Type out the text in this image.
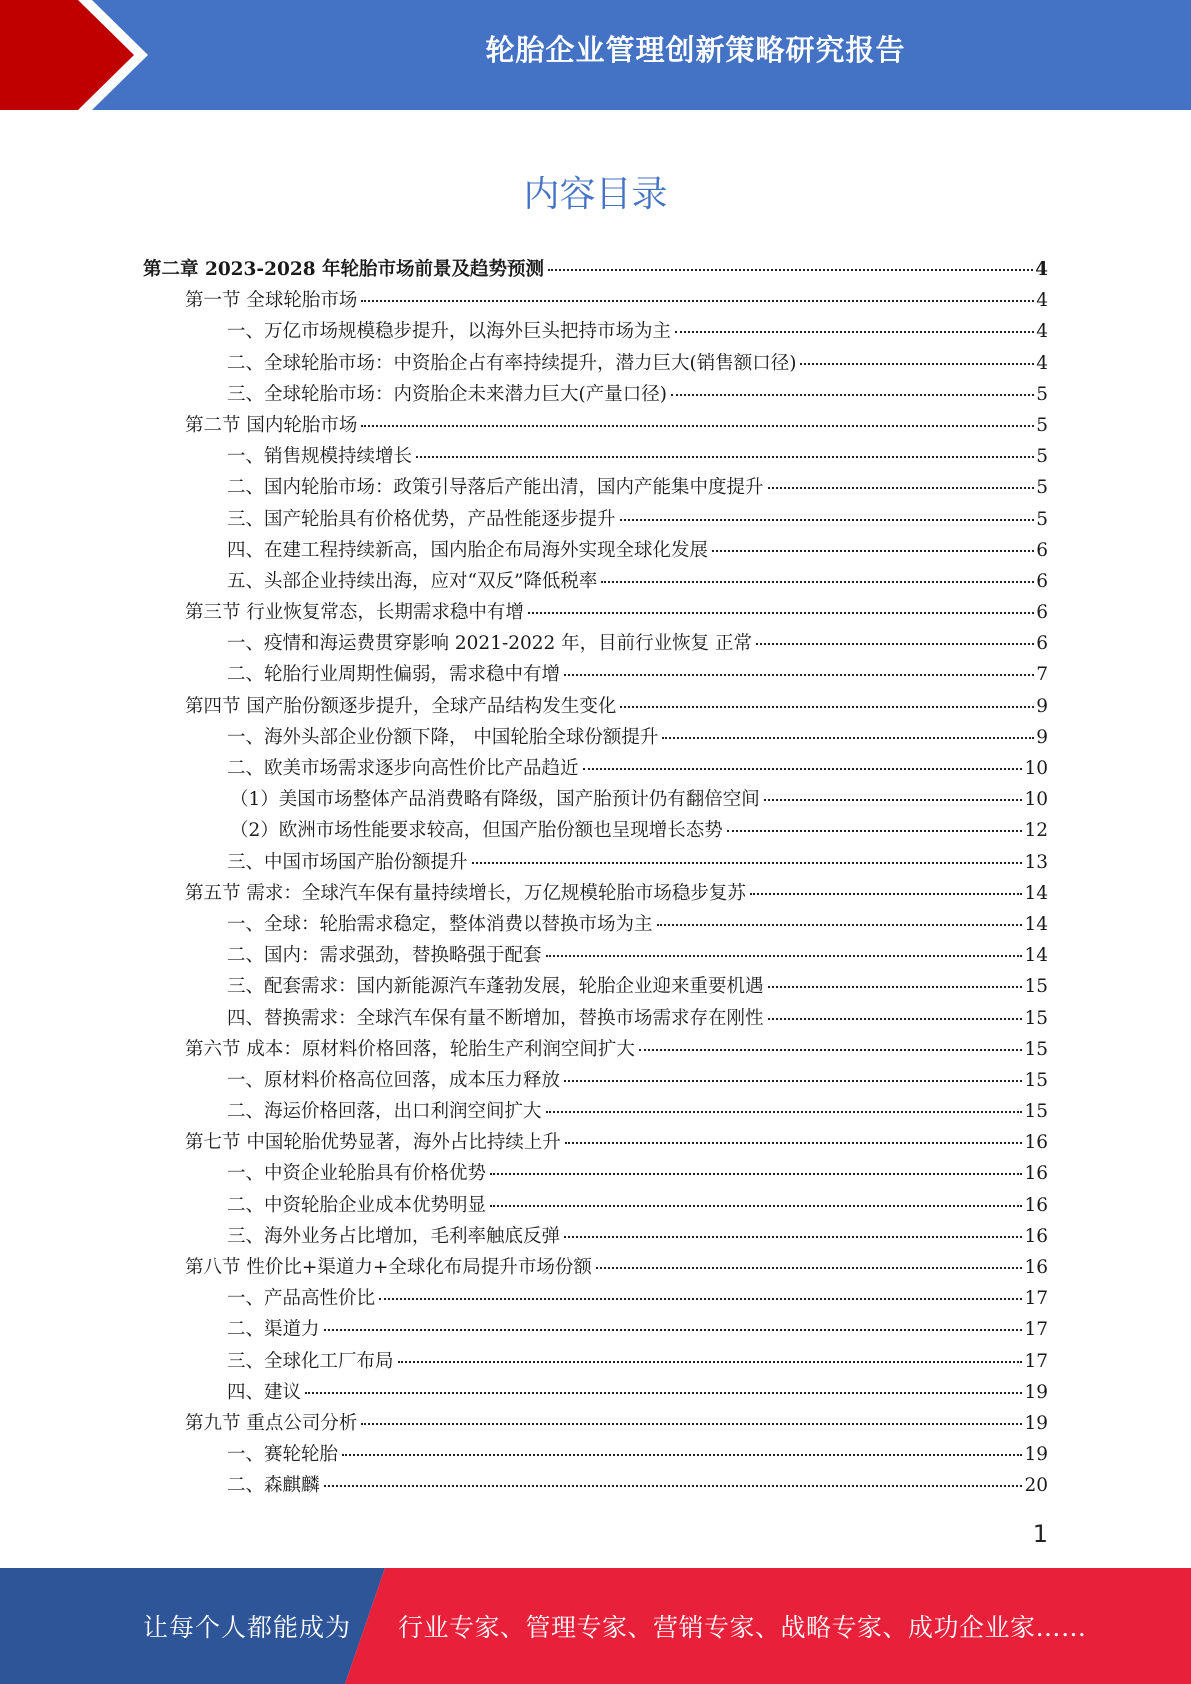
轮胎企业管理创新策略研究报告
内容目录
第二章 2023-2028 年轮胎市场前景及趋势预测	4
第一节 全球轮胎市场	4
一、万亿市场规模稳步提升，以海外巨头把持市场为主	4
二、全球轮胎市场：中资胎企占有率持续提升，潜力巨大(销售额口径)	4
三、全球轮胎市场：内资胎企未来潜力巨大(产量口径)	5
第二节 国内轮胎市场	5
一、销售规模持续增长	5
二、国内轮胎市场：政策引导落后产能出清，国内产能集中度提升	5
三、国产轮胎具有价格优势，产品性能逐步提升	5
四、在建工程持续新高，国内胎企布局海外实现全球化发展	6
五、头部企业持续出海，应对“双反”降低税率	6
第三节 行业恢复常态，长期需求稳中有增	6
一、疫情和海运费贯穿影响 2021-2022 年，目前行业恢复 正常	6
二、轮胎行业周期性偏弱，需求稳中有增	7
第四节 国产胎份额逐步提升，全球产品结构发生变化	9
一、海外头部企业份额下降， 中国轮胎全球份额提升	9
二、欧美市场需求逐步向高性价比产品趋近	10
（1）美国市场整体产品消费略有降级，国产胎预计仍有翻倍空间	10
（2）欧洲市场性能要求较高，但国产胎份额也呈现增长态势	12
三、中国市场国产胎份额提升	13
第五节 需求：全球汽车保有量持续增长，万亿规模轮胎市场稳步复苏	14
一、全球：轮胎需求稳定，整体消费以替换市场为主	14
二、国内：需求强劲，替换略强于配套	14
三、配套需求：国内新能源汽车蓬勃发展，轮胎企业迎来重要机遇	15
四、替换需求：全球汽车保有量不断增加，替换市场需求存在刚性	15
第六节 成本：原材料价格回落，轮胎生产利润空间扩大	15
一、原材料价格高位回落，成本压力释放	15
二、海运价格回落，出口利润空间扩大	15
第七节 中国轮胎优势显著，海外占比持续上升	16
一、中资企业轮胎具有价格优势	16
二、中资轮胎企业成本优势明显	16
三、海外业务占比增加，毛利率触底反弹	16
第八节 性价比+渠道力+全球化布局提升市场份额	16
一、产品高性价比	17
二、渠道力	17
三、全球化工厂布局	17
四、建议	19
第九节 重点公司分析	19
一、赛轮轮胎	19
二、森麒麟	20
1
让每个人都能成为 行业专家、管理专家、营销专家、战略专家、成功企业家……
